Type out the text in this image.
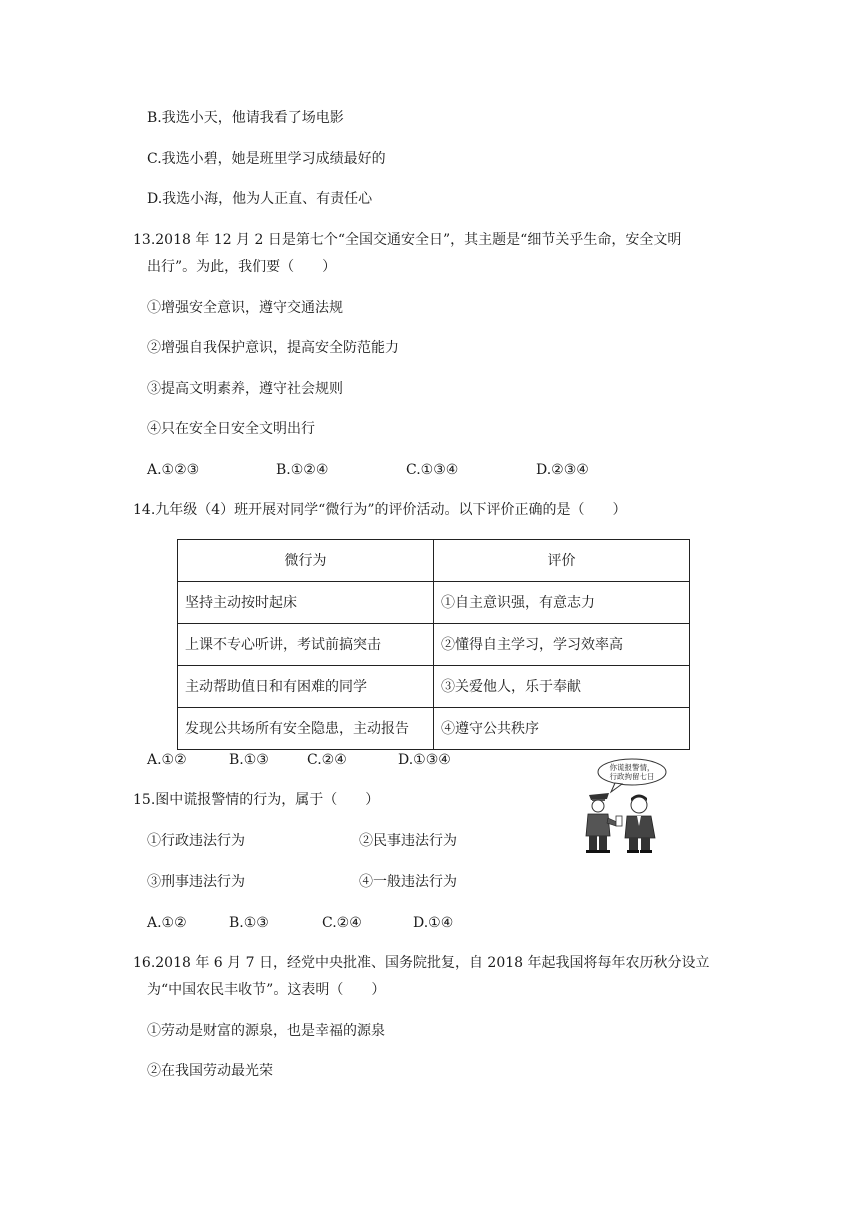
B.我选小天，他请我看了场电影
C.我选小碧，她是班里学习成绩最好的
D.我选小海，他为人正直、有责任心
13.2018 年 12 月 2 日是第七个“全国交通安全日”，其主题是“细节关乎生命，安全文明
出行”。为此，我们要（　　）
①增强安全意识，遵守交通法规
②增强自我保护意识，提高安全防范能力
③提高文明素养，遵守社会规则
④只在安全日安全文明出行
A.①②③	B.①②④	C.①③④	D.②③④
14.九年级（4）班开展对同学“微行为”的评价活动。以下评价正确的是（　　）
微行为	评价
坚持主动按时起床	①自主意识强，有意志力
上课不专心听讲，考试前搞突击	②懂得自主学习，学习效率高
主动帮助值日和有困难的同学	③关爱他人，乐于奉献
发现公共场所有安全隐患，主动报告	④遵守公共秩序
A.①②	B.①③	C.②④	D.①③④
15.图中谎报警情的行为，属于（　　）
①行政违法行为	②民事违法行为
③刑事违法行为	④一般违法行为
A.①②	B.①③	C.②④	D.①④
你谎报警情，
行政拘留七日
16.2018 年 6 月 7 日，经党中央批准、国务院批复，自 2018 年起我国将每年农历秋分设立
为“中国农民丰收节”。这表明（　　）
①劳动是财富的源泉，也是幸福的源泉
②在我国劳动最光荣
